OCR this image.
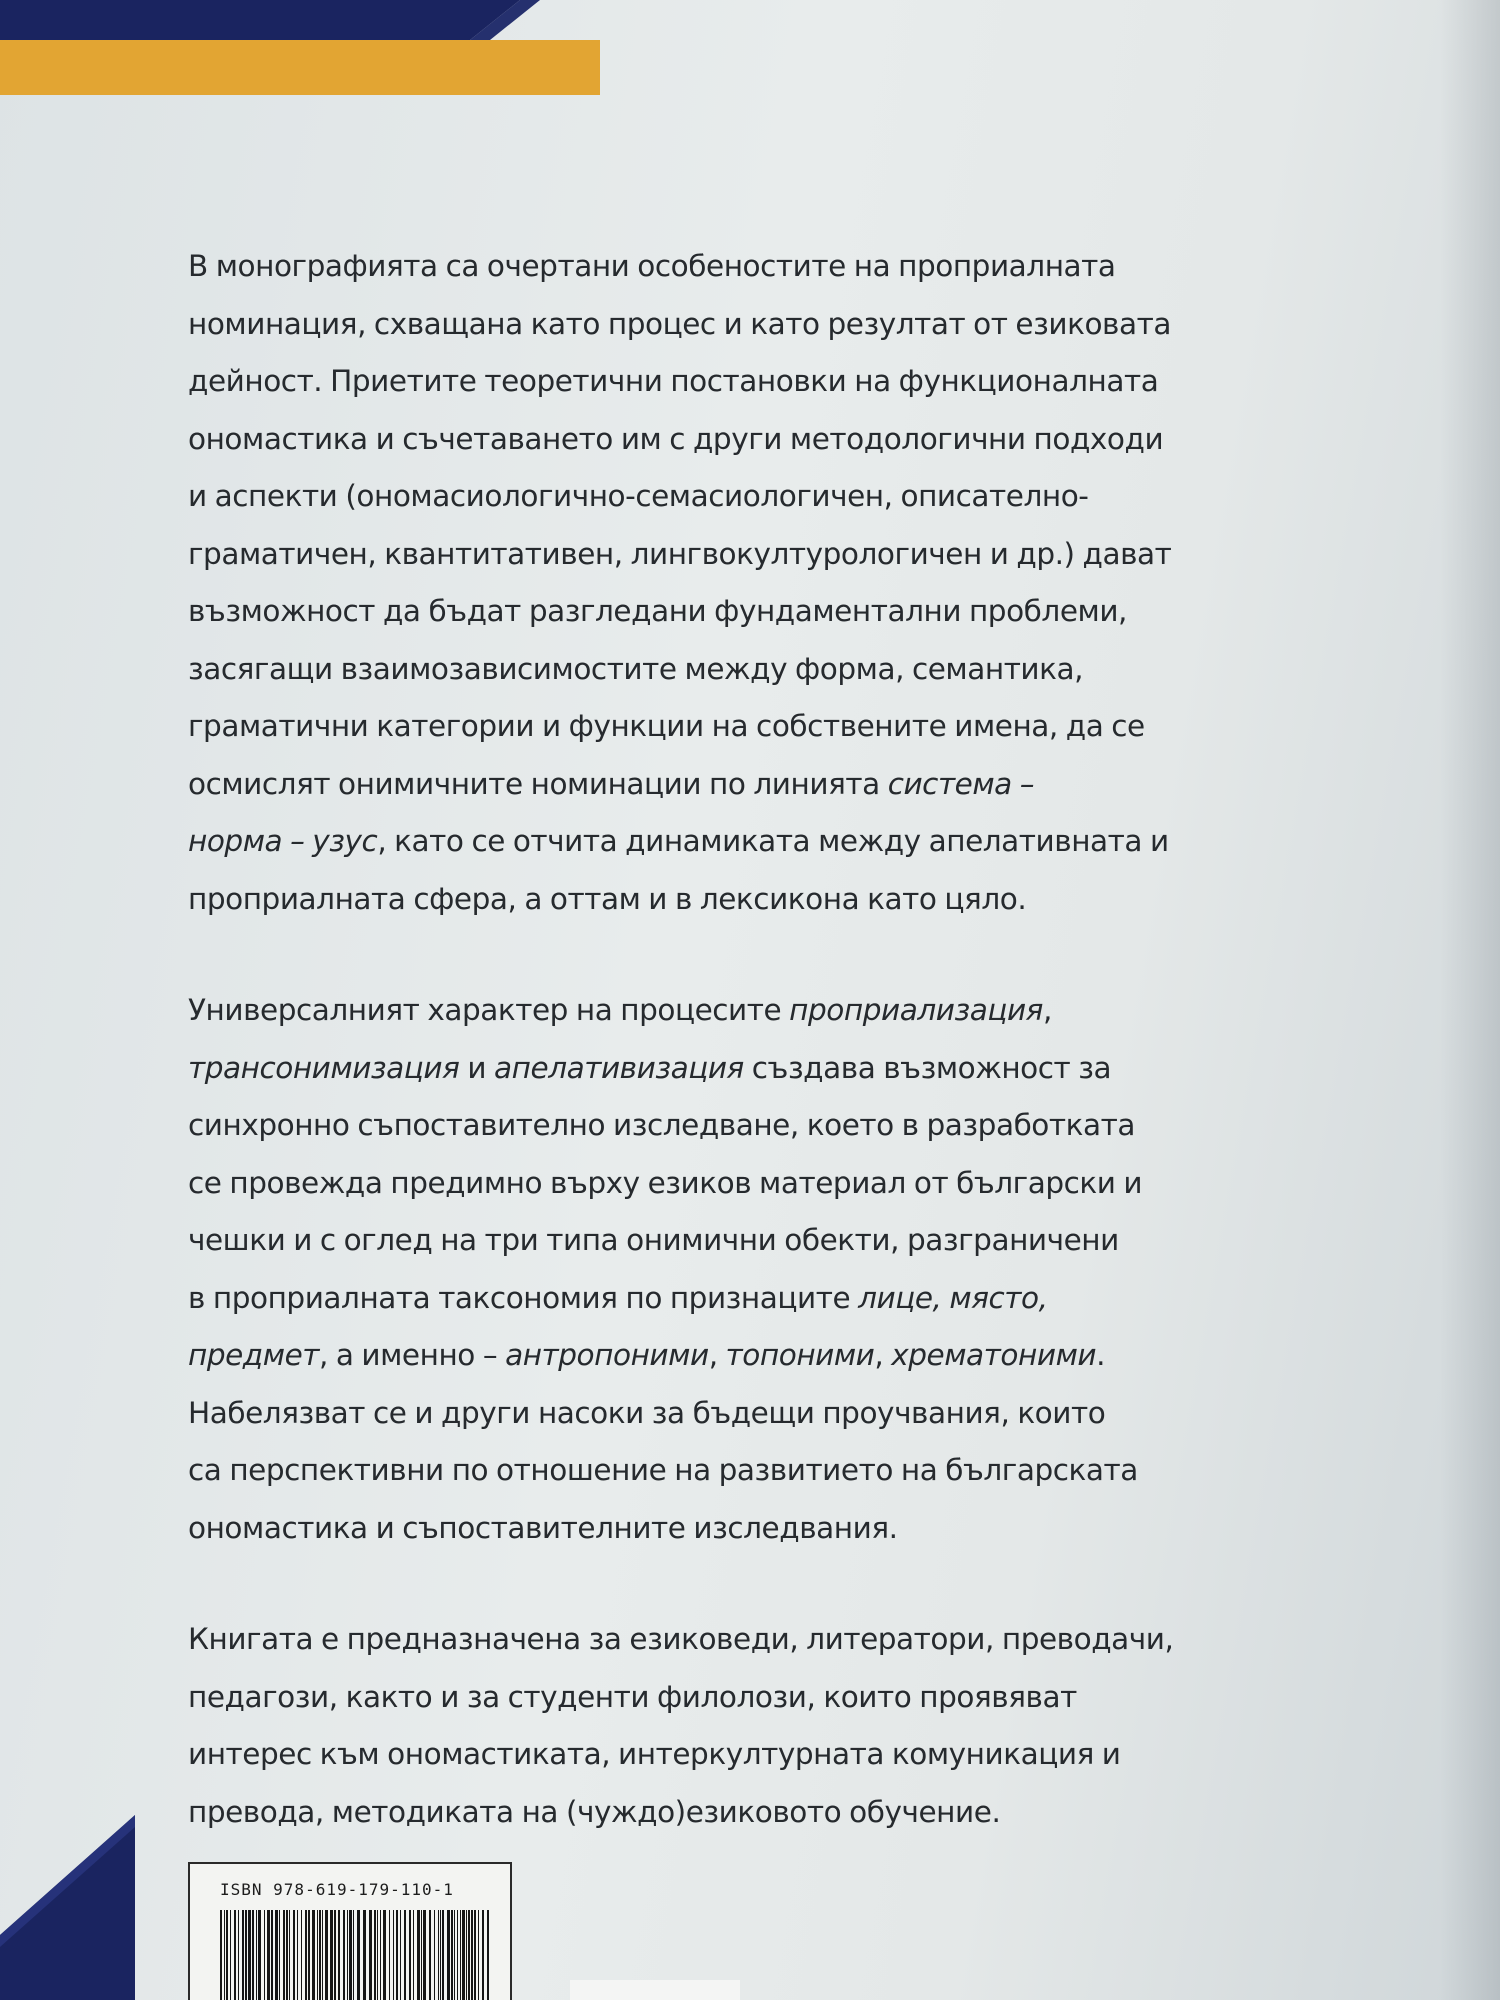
В монографията са очертани особеностите на проприалната
номинация, схващана като процес и като резултат от езиковата
дейност. Приетите теоретични постановки на функционалната
ономастика и съчетаването им с други методологични подходи
и аспекти (ономасиологично-семасиологичен, описателно-
граматичен, квантитативен, лингвокултурологичен и др.) дават
възможност да бъдат разгледани фундаментални проблеми,
засягащи взаимозависимостите между форма, семантика,
граматични категории и функции на собствените имена, да се
осмислят онимичните номинации по линията система –
норма – узус, като се отчита динамиката между апелативната и
проприалната сфера, а оттам и в лексикона като цяло.
Универсалният характер на процесите проприализация,
трансонимизация и апелативизация създава възможност за
синхронно съпоставително изследване, което в разработката
се провежда предимно върху езиков материал от български и
чешки и с оглед на три типа онимични обекти, разграничени
в проприалната таксономия по признаците лице, място,
предмет, а именно – антропоними, топоними, хрематоними.
Набелязват се и други насоки за бъдещи проучвания, които
са перспективни по отношение на развитието на българската
ономастика и съпоставителните изследвания.
Книгата е предназначена за езиковеди, литератори, преводачи,
педагози, както и за студенти филолози, които проявяват
интерес към ономастиката, интеркултурната комуникация и
превода, методиката на (чуждо)езиковото обучение.
ISBN 978-619-179-110-1
